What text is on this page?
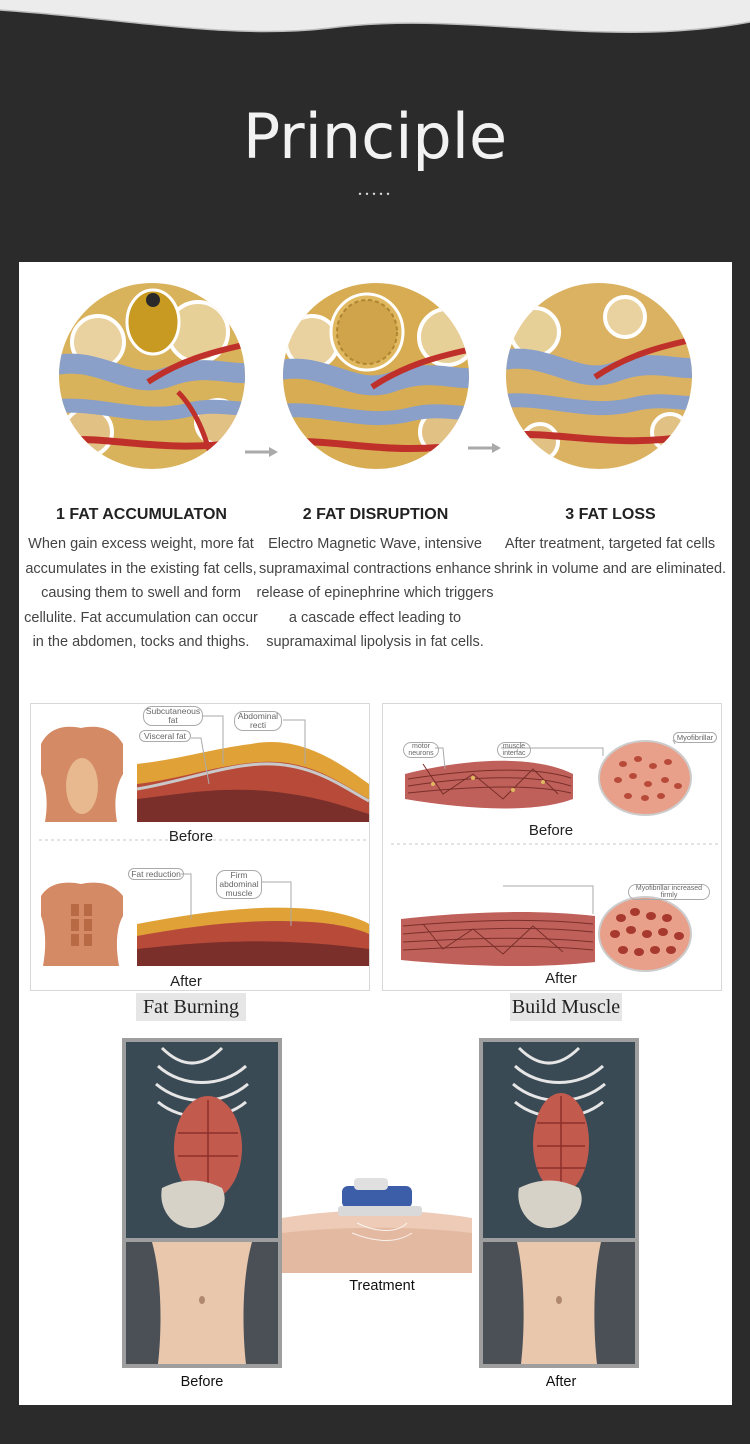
Principle
.....
1 FAT ACCUMULATON
When gain excess weight, more fat accumulates in the existing fat cells, causing them to swell and form cellulite. Fat accumulation can occur in the abdomen, tocks and thighs.
2 FAT DISRUPTION
Electro Magnetic Wave, intensive supramaximal contractions enhance release of epinephrine which triggers a cascade effect leading to supramaximal lipolysis in fat cells.
3 FAT LOSS
After treatment, targeted fat cells shrink in volume and are eliminated.
Subcutaneous fat
Visceral fat
Abdominal recti
Before
Fat reduction	Firm abdominal muscle
After
motor neurons
muscle interfac
Myofibrillar
Before
Myofibrillar increased firmly
After
Fat Burning	Build Muscle
Treatment
Before	After
